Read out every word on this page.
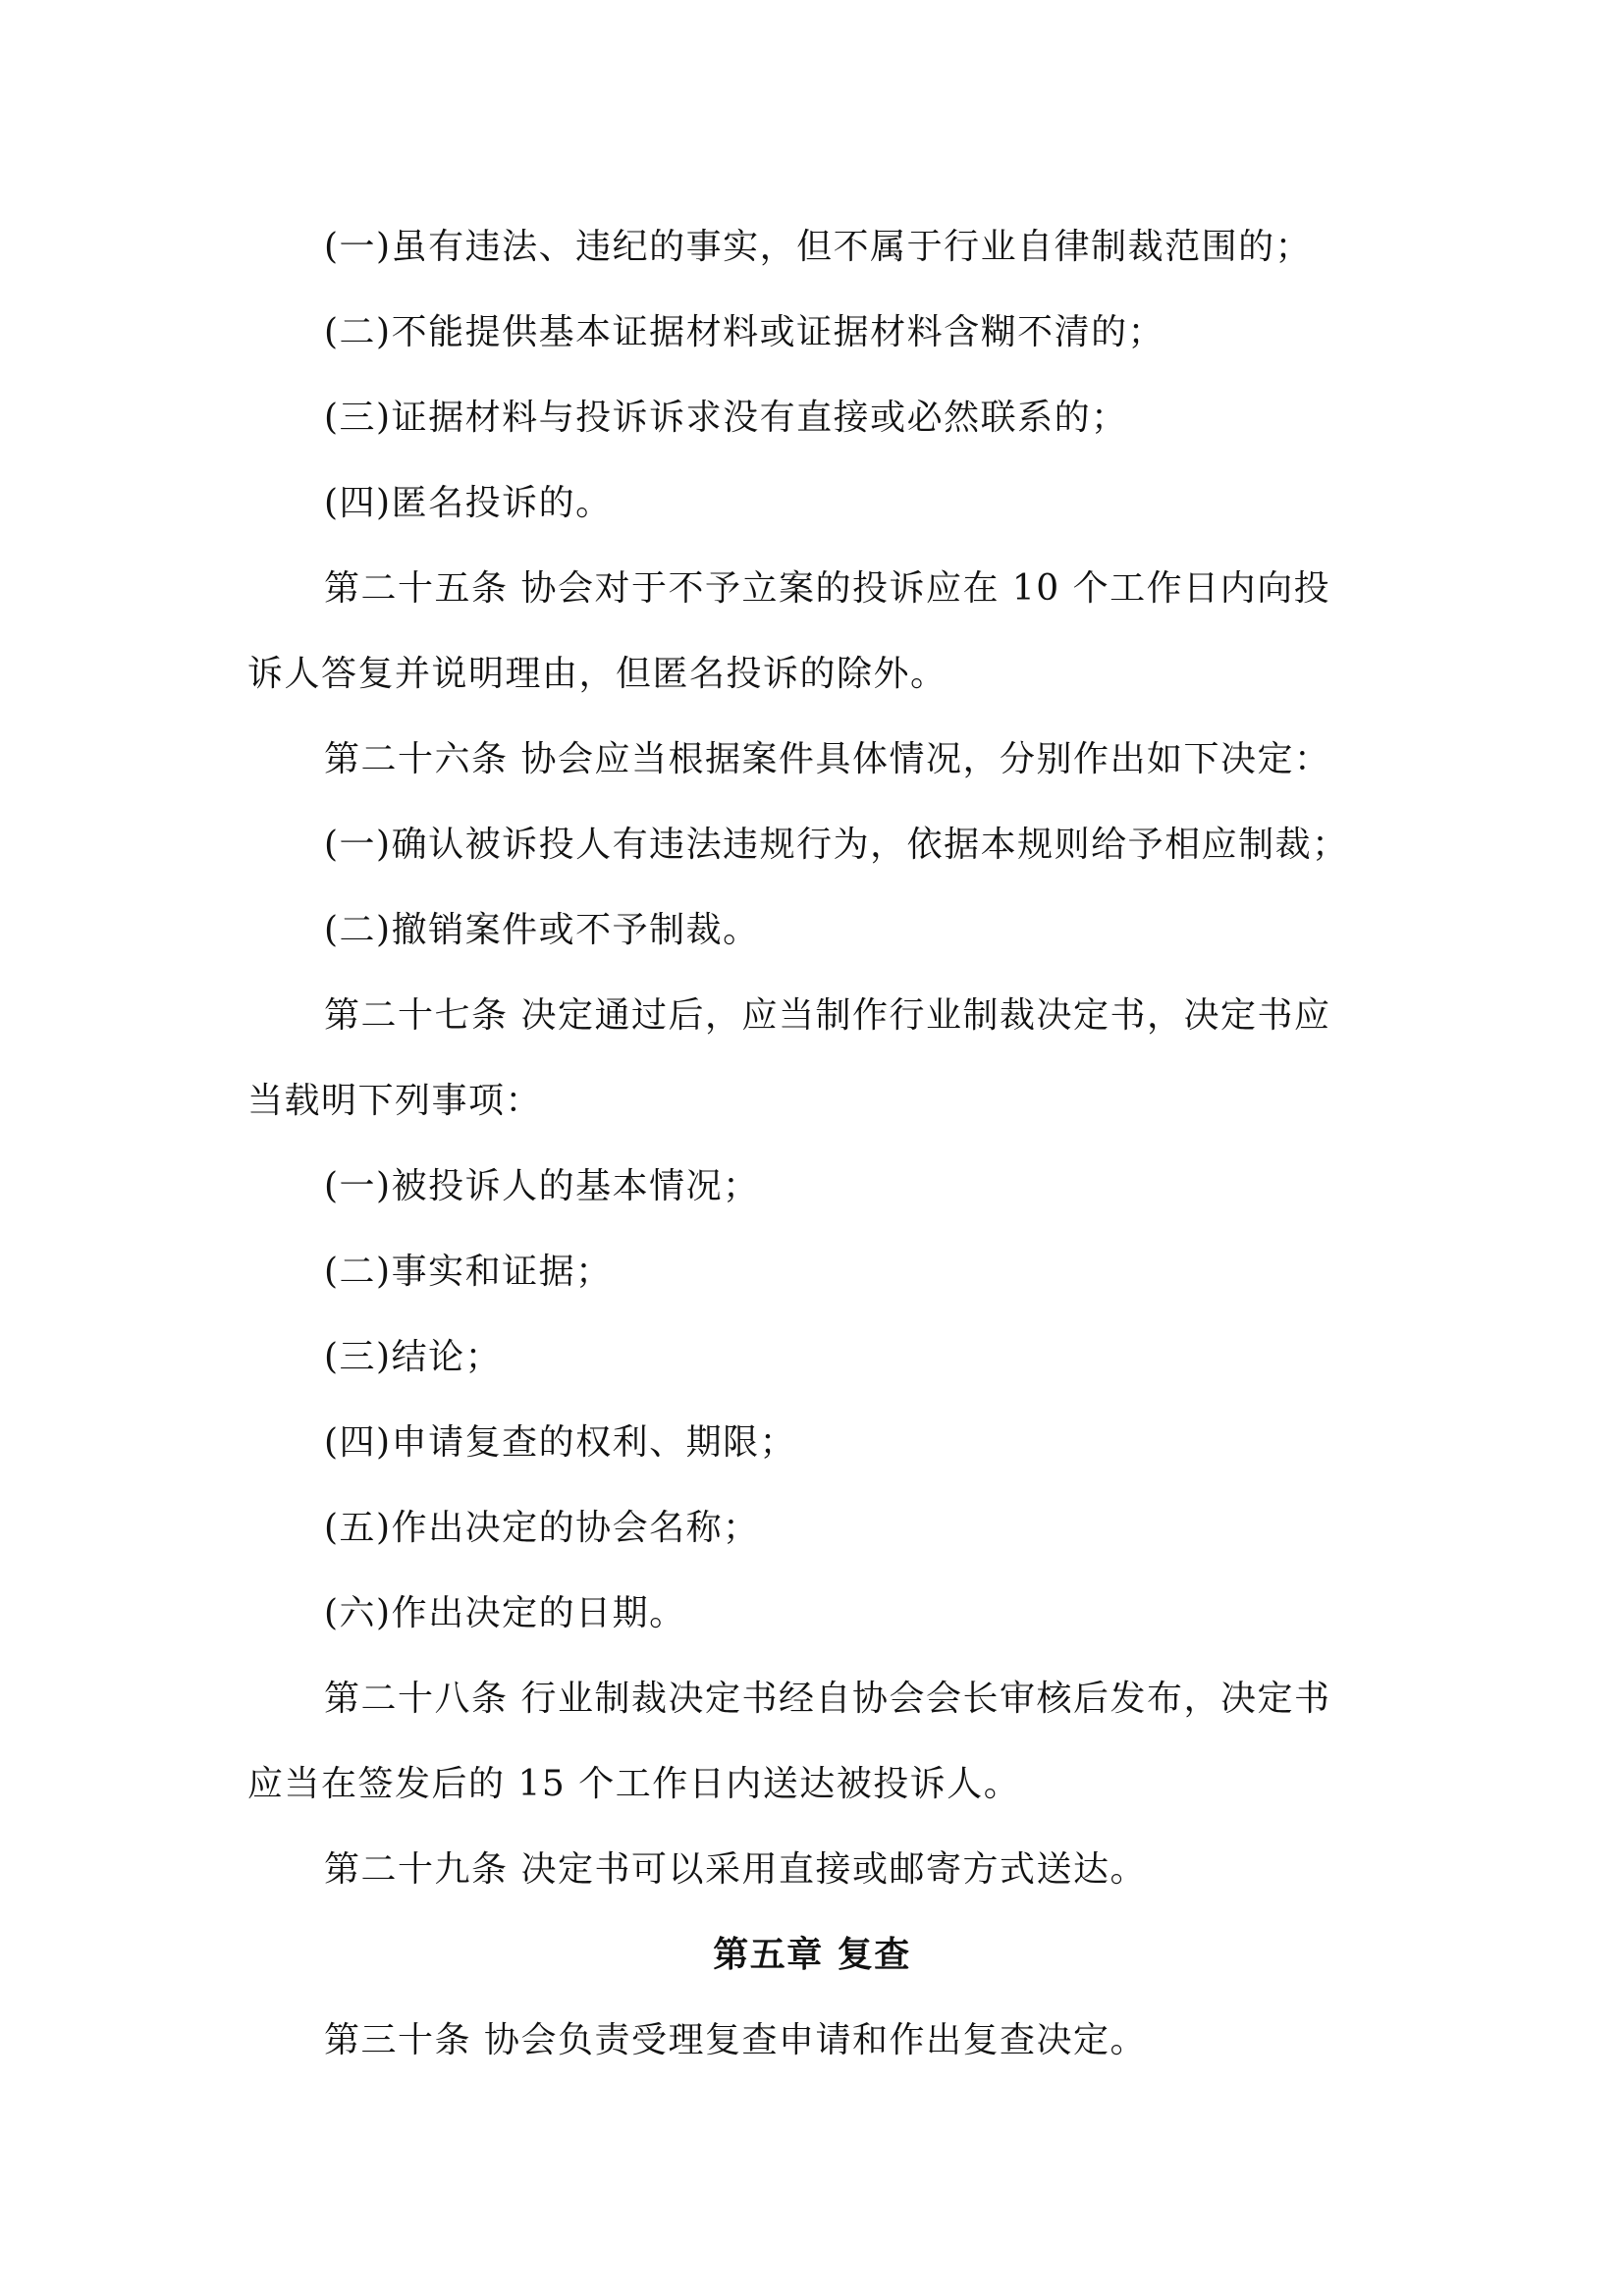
(一)虽有违法、违纪的事实，但不属于行业自律制裁范围的；
(二)不能提供基本证据材料或证据材料含糊不清的；
(三)证据材料与投诉诉求没有直接或必然联系的；
(四)匿名投诉的。
第二十五条 协会对于不予立案的投诉应在 10 个工作日内向投
诉人答复并说明理由，但匿名投诉的除外。
第二十六条 协会应当根据案件具体情况，分别作出如下决定：
(一)确认被诉投人有违法违规行为，依据本规则给予相应制裁；
(二)撤销案件或不予制裁。
第二十七条 决定通过后，应当制作行业制裁决定书，决定书应
当载明下列事项：
(一)被投诉人的基本情况；
(二)事实和证据；
(三)结论；
(四)申请复查的权利、期限；
(五)作出决定的协会名称；
(六)作出决定的日期。
第二十八条 行业制裁决定书经自协会会长审核后发布，决定书
应当在签发后的 15 个工作日内送达被投诉人。
第二十九条 决定书可以采用直接或邮寄方式送达。
第五章 复查
第三十条 协会负责受理复查申请和作出复查决定。
